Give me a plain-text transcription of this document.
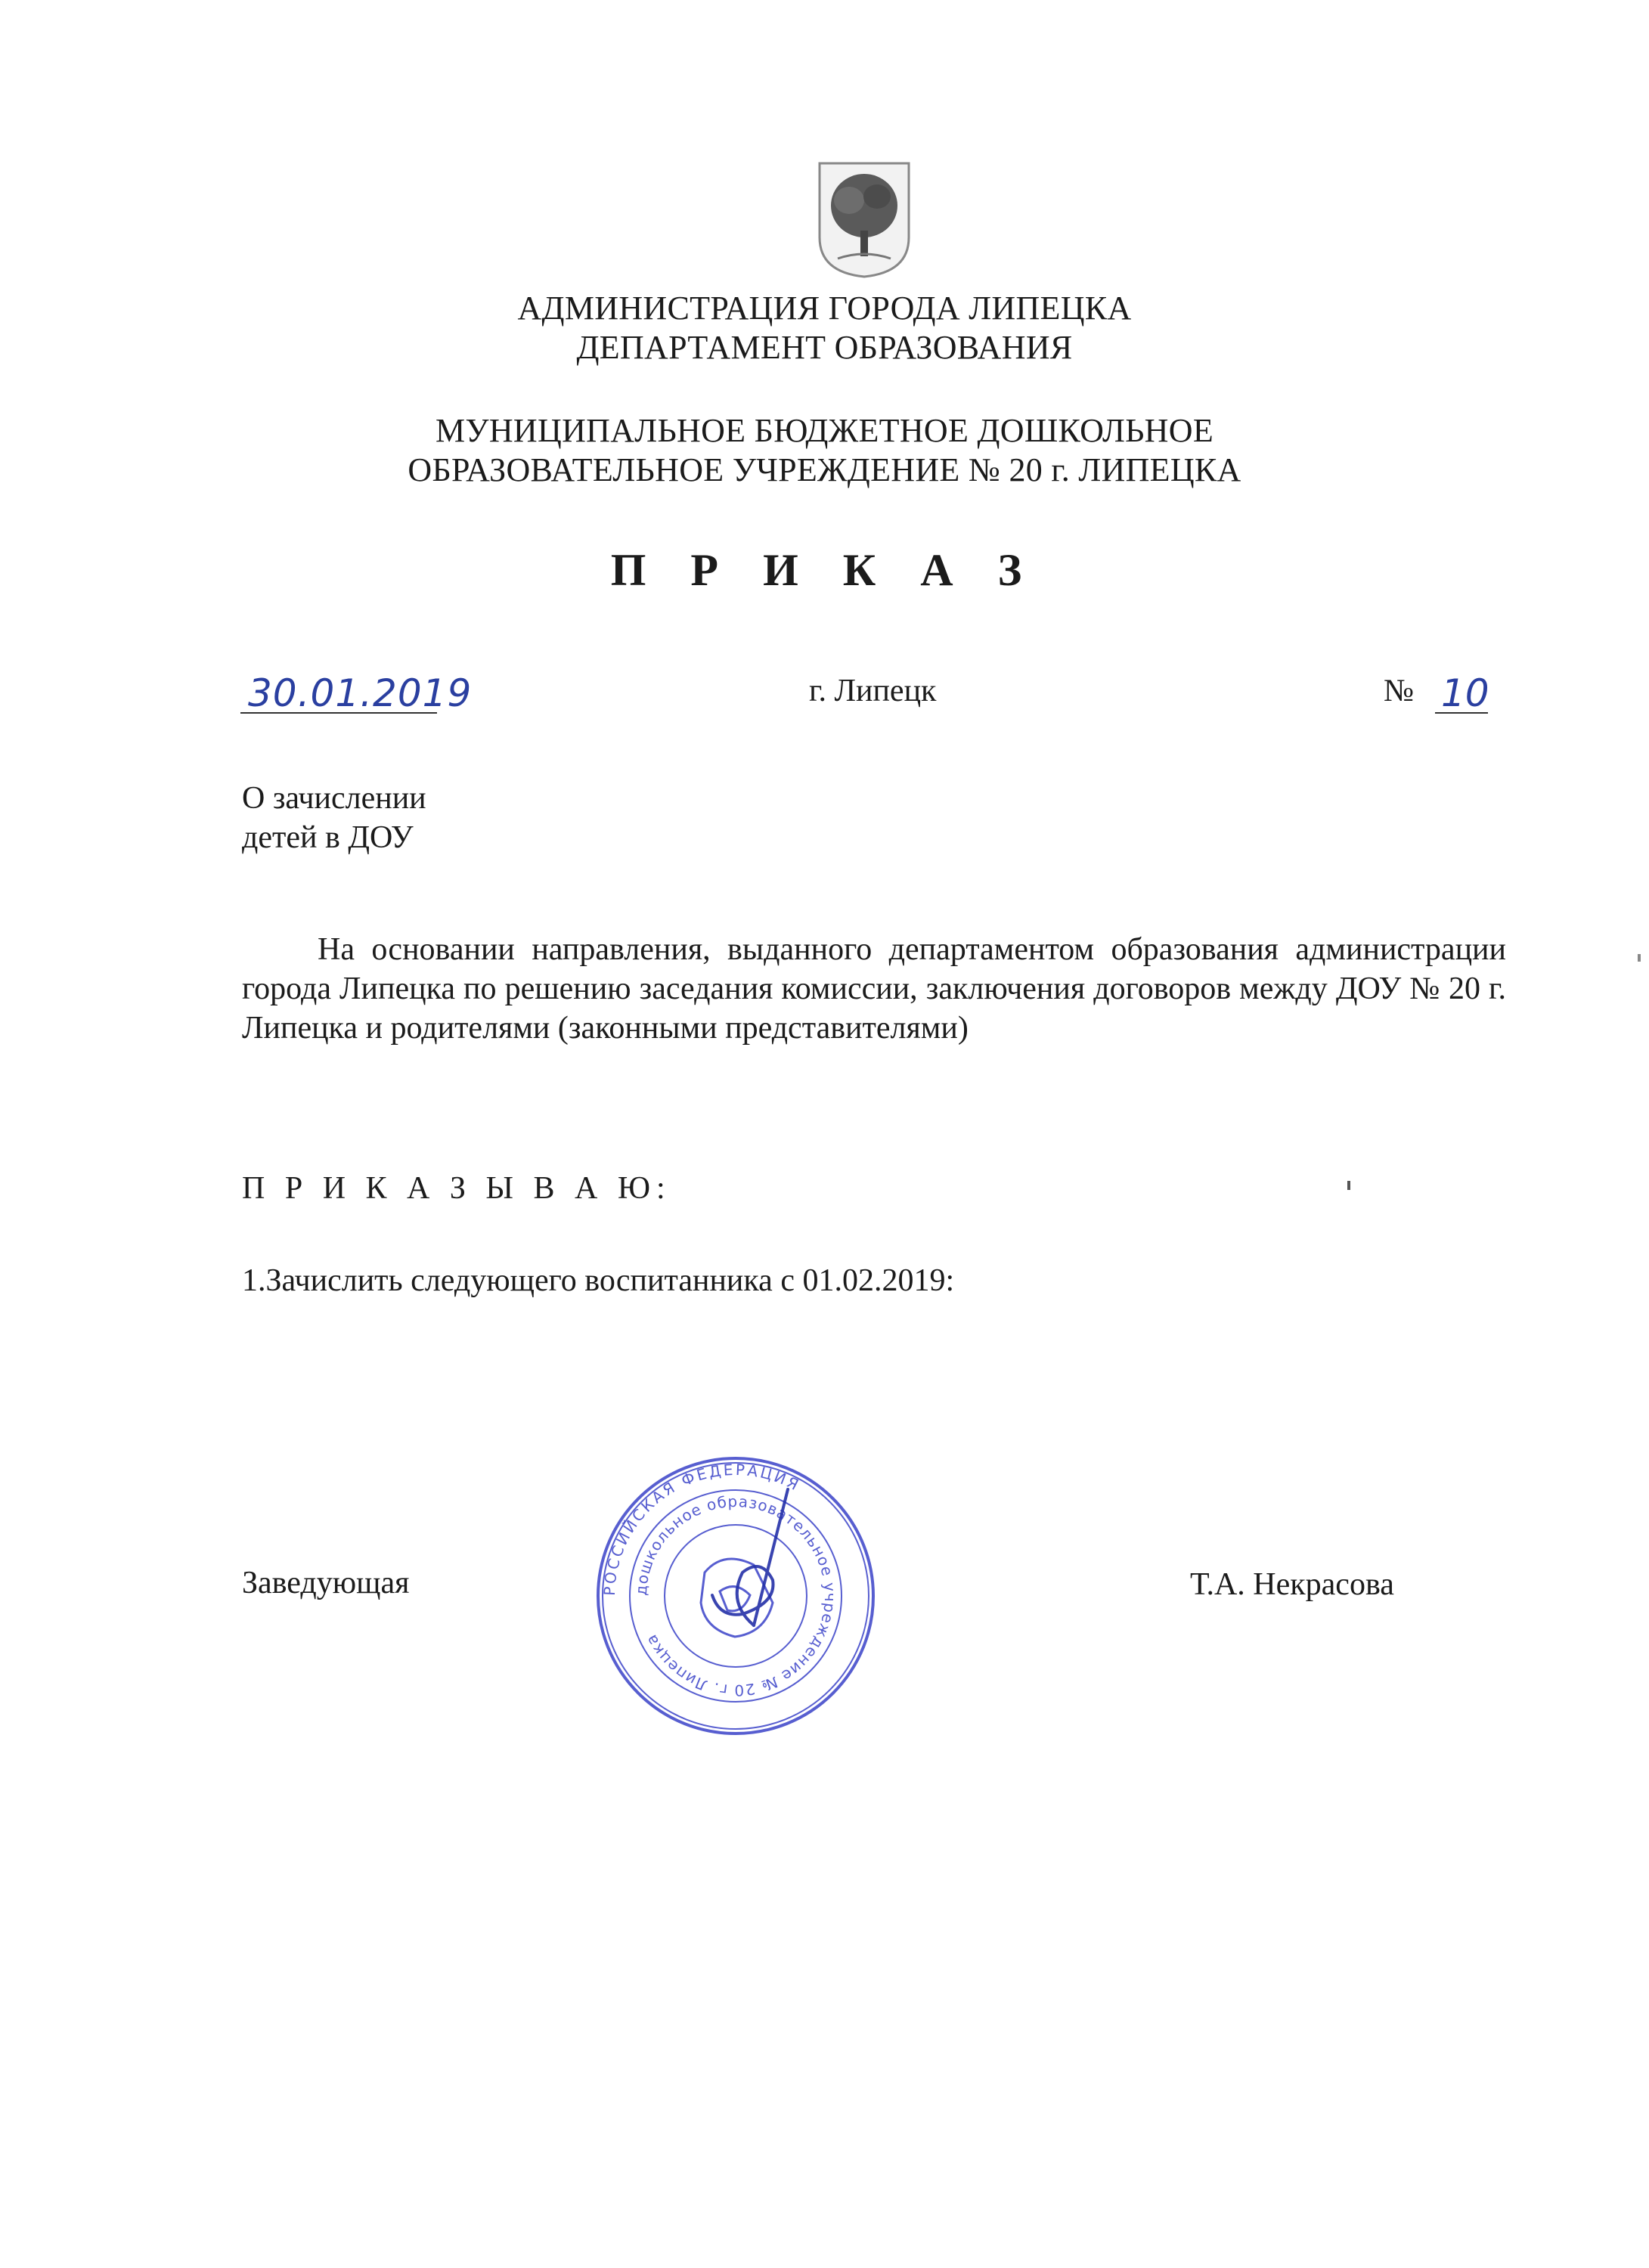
АДМИНИСТРАЦИЯ ГОРОДА ЛИПЕЦКА
ДЕПАРТАМЕНТ ОБРАЗОВАНИЯ
МУНИЦИПАЛЬНОЕ БЮДЖЕТНОЕ ДОШКОЛЬНОЕ
ОБРАЗОВАТЕЛЬНОЕ УЧРЕЖДЕНИЕ № 20 г. ЛИПЕЦКА
П Р И К А З
30.01.2019	г. Липецк	№ 10
О зачислении
детей в ДОУ
На основании направления, выданного департаментом образования администрации города Липецка по решению заседания комиссии, заключения договоров между ДОУ № 20 г. Липецка и родителями (законными представителями)
П Р И К А З Ы В А Ю:
1.Зачислить следующего воспитанника с 01.02.2019:
Заведующая	Т.А. Некрасова
РОССИЙСКАЯ ФЕДЕРАЦИЯ
дошкольное образовательное учреждение № 20 г. Липецка
